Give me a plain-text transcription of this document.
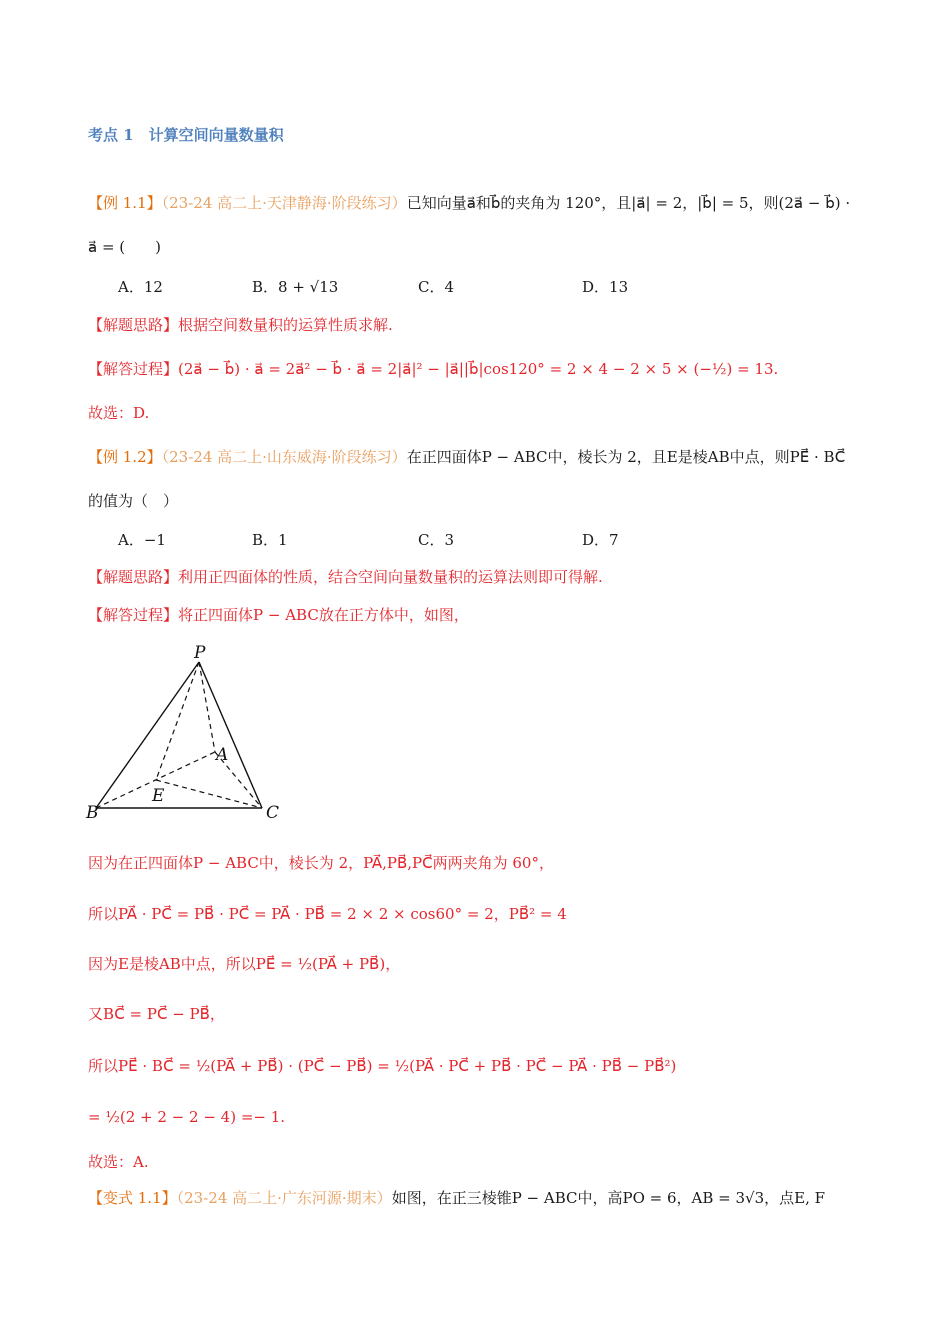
考点 1　计算空间向量数量积
【例 1.1】（23-24 高二上·天津静海·阶段练习）已知向量a⃗和b⃗的夹角为 120°，且|a⃗| = 2，|b⃗| = 5，则(2a⃗ − b⃗) ·
a⃗ = (　　)
A．12	B．8 + √13	C．4	D．13
【解题思路】根据空间数量积的运算性质求解.
【解答过程】(2a⃗ − b⃗) · a⃗ = 2a⃗² − b⃗ · a⃗ = 2|a⃗|² − |a⃗||b⃗|cos120° = 2 × 4 − 2 × 5 × (−½) = 13.
故选：D.
【例 1.2】（23-24 高二上·山东威海·阶段练习）在正四面体P − ABC中，棱长为 2，且E是棱AB中点，则PE⃗ · BC⃗
的值为（　）
A．−1	B．1	C．3	D．7
【解题思路】利用正四面体的性质，结合空间向量数量积的运算法则即可得解.
【解答过程】将正四面体P − ABC放在正方体中，如图，
P
A
B	C
E
因为在正四面体P − ABC中，棱长为 2，PA⃗,PB⃗,PC⃗两两夹角为 60°，
所以PA⃗ · PC⃗ = PB⃗ · PC⃗ = PA⃗ · PB⃗ = 2 × 2 × cos60° = 2，PB⃗² = 4
因为E是棱AB中点，所以PE⃗ = ½(PA⃗ + PB⃗)，
又BC⃗ = PC⃗ − PB⃗，
所以PE⃗ · BC⃗ = ½(PA⃗ + PB⃗) · (PC⃗ − PB⃗) = ½(PA⃗ · PC⃗ + PB⃗ · PC⃗ − PA⃗ · PB⃗ − PB⃗²)
= ½(2 + 2 − 2 − 4) =− 1.
故选：A.
【变式 1.1】（23-24 高二上·广东河源·期末）如图，在正三棱锥P − ABC中，高PO = 6，AB = 3√3，点E, F
